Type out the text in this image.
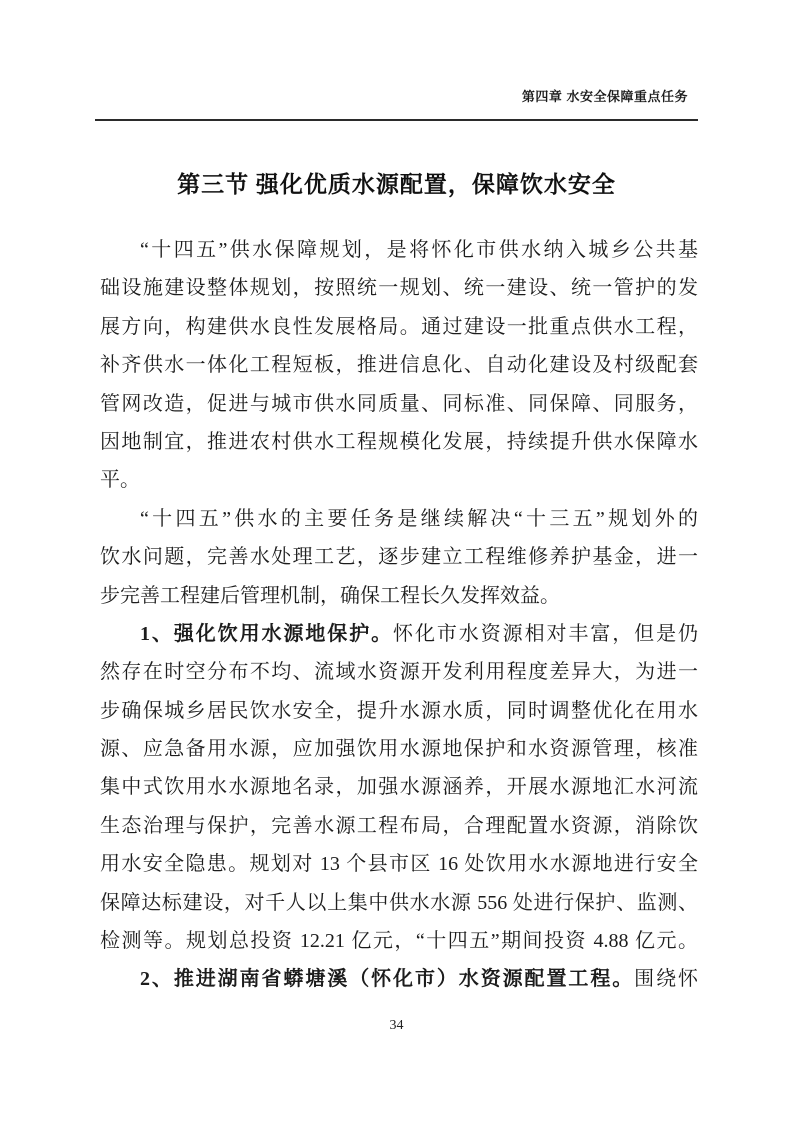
第四章 水安全保障重点任务
第三节 强化优质水源配置，保障饮水安全
“十四五”供水保障规划，是将怀化市供水纳入城乡公共基
础设施建设整体规划，按照统一规划、统一建设、统一管护的发
展方向，构建供水良性发展格局。通过建设一批重点供水工程，
补齐供水一体化工程短板，推进信息化、自动化建设及村级配套
管网改造，促进与城市供水同质量、同标准、同保障、同服务，
因地制宜，推进农村供水工程规模化发展，持续提升供水保障水
平。
“十四五”供水的主要任务是继续解决“十三五”规划外的
饮水问题，完善水处理工艺，逐步建立工程维修养护基金，进一
步完善工程建后管理机制，确保工程长久发挥效益。
1、强化饮用水源地保护。怀化市水资源相对丰富，但是仍
然存在时空分布不均、流域水资源开发利用程度差异大，为进一
步确保城乡居民饮水安全，提升水源水质，同时调整优化在用水
源、应急备用水源，应加强饮用水源地保护和水资源管理，核准
集中式饮用水水源地名录，加强水源涵养，开展水源地汇水河流
生态治理与保护，完善水源工程布局，合理配置水资源，消除饮
用水安全隐患。规划对 13 个县市区 16 处饮用水水源地进行安全
保障达标建设，对千人以上集中供水水源 556 处进行保护、监测、
检测等。规划总投资 12.21 亿元，“十四五”期间投资 4.88 亿元。
2、推进湖南省蟒塘溪（怀化市）水资源配置工程。围绕怀
34
